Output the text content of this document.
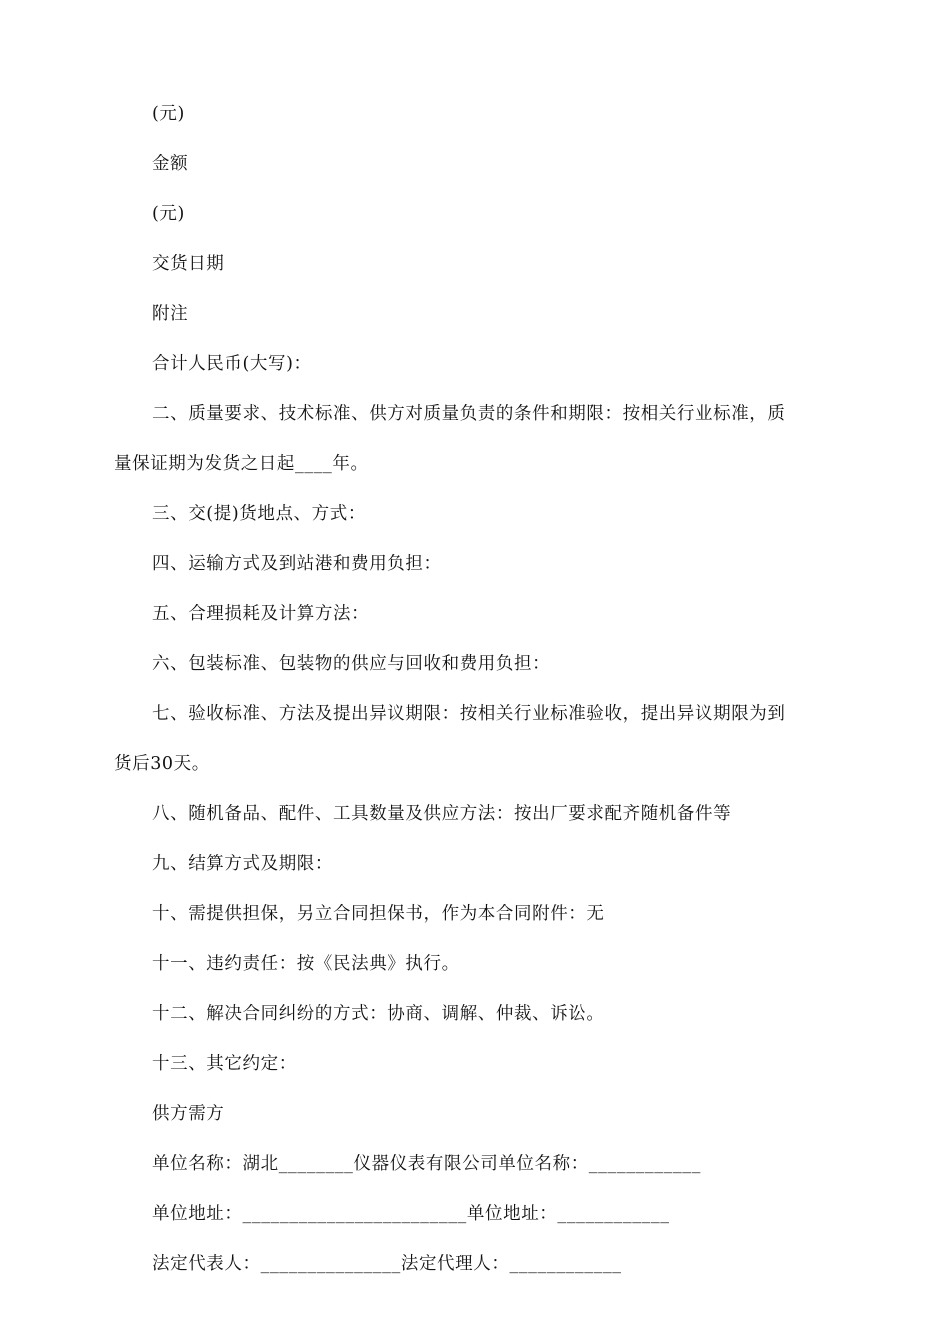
(元)
金额
(元)
交货日期
附注
合计人民币(大写)：
二、质量要求、技术标准、供方对质量负责的条件和期限：按相关行业标准，质
量保证期为发货之日起____年。
三、交(提)货地点、方式：
四、运输方式及到站港和费用负担：
五、合理损耗及计算方法：
六、包装标准、包装物的供应与回收和费用负担：
七、验收标准、方法及提出异议期限：按相关行业标准验收，提出异议期限为到
货后30天。
八、随机备品、配件、工具数量及供应方法：按出厂要求配齐随机备件等
九、结算方式及期限：
十、需提供担保，另立合同担保书，作为本合同附件：无
十一、违约责任：按《民法典》执行。
十二、解决合同纠纷的方式：协商、调解、仲裁、诉讼。
十三、其它约定：
供方需方
单位名称：湖北________仪器仪表有限公司单位名称：____________
单位地址：________________________单位地址：____________
法定代表人：_______________法定代理人：____________
